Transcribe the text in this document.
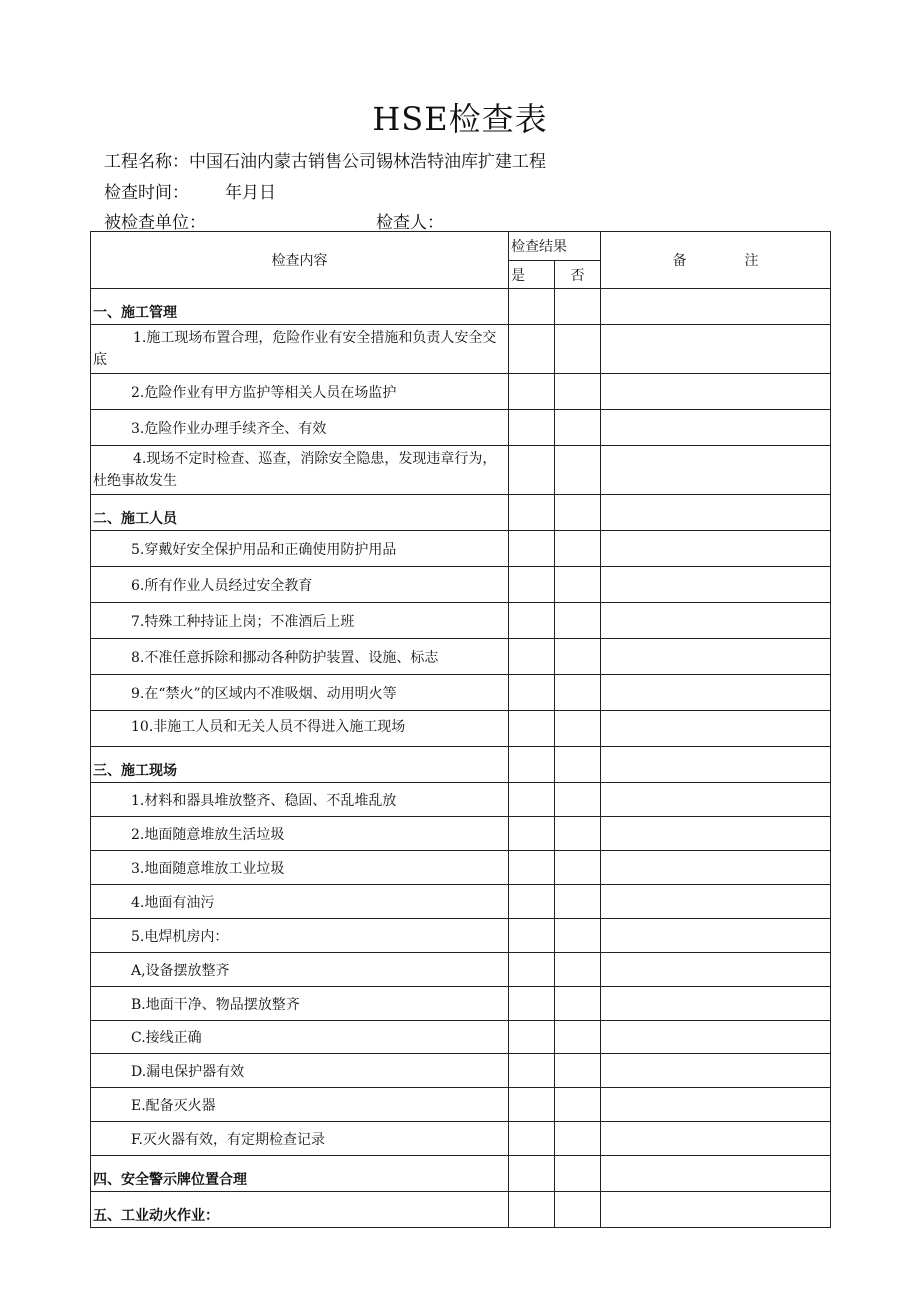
HSE检查表
工程名称：中国石油内蒙古销售公司锡林浩特油库扩建工程
检查时间： 年月日
被检查单位：	检查人：
检查内容	检查结果		备 注
	是	否	
一、施工管理			
1.施工现场布置合理，危险作业有安全措施和负责人安全交底			
2.危险作业有甲方监护等相关人员在场监护			
3.危险作业办理手续齐全、有效			
4.现场不定时检查、巡查，消除安全隐患，发现违章行为，杜绝事故发生			
二、施工人员			
5.穿戴好安全保护用品和正确使用防护用品			
6.所有作业人员经过安全教育			
7.特殊工种持证上岗；不准酒后上班			
8.不准任意拆除和挪动各种防护装置、设施、标志			
9.在“禁火”的区域内不准吸烟、动用明火等			
10.非施工人员和无关人员不得进入施工现场			
三、施工现场			
1.材料和器具堆放整齐、稳固、不乱堆乱放			
2.地面随意堆放生活垃圾			
3.地面随意堆放工业垃圾			
4.地面有油污			
5.电焊机房内：			
A,设备摆放整齐			
B.地面干净、物品摆放整齐			
C.接线正确			
D.漏电保护器有效			
E.配备灭火器			
F.灭火器有效，有定期检查记录			
四、安全警示牌位置合理			
五、工业动火作业：			
